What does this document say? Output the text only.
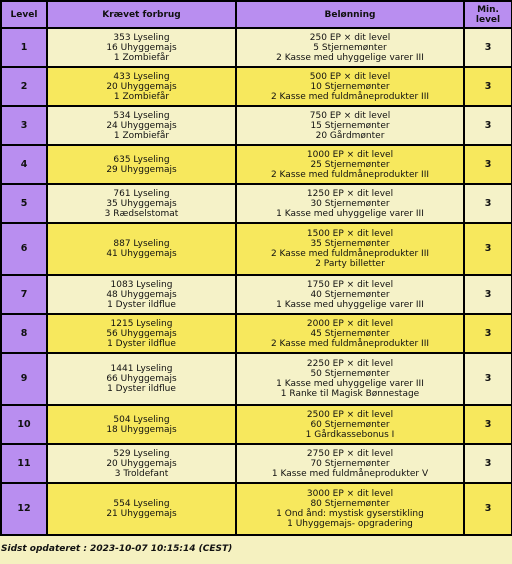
Level	Krævet forbrug	Belønning	Min. level
1	353 Lyseling
16 Uhyggemajs
1 Zombiefår	250 EP × dit level
5 Stjernemønter
2 Kasse med uhyggelige varer III	3
2	433 Lyseling
20 Uhyggemajs
1 Zombiefår	500 EP × dit level
10 Stjernemønter
2 Kasse med fuldmåneprodukter III	3
3	534 Lyseling
24 Uhyggemajs
1 Zombiefår	750 EP × dit level
15 Stjernemønter
20 Gårdmønter	3
4	635 Lyseling
29 Uhyggemajs	1000 EP × dit level
25 Stjernemønter
2 Kasse med fuldmåneprodukter III	3
5	761 Lyseling
35 Uhyggemajs
3 Rædselstomat	1250 EP × dit level
30 Stjernemønter
1 Kasse med uhyggelige varer III	3
6	887 Lyseling
41 Uhyggemajs	1500 EP × dit level
35 Stjernemønter
2 Kasse med fuldmåneprodukter III
2 Party billetter	3
7	1083 Lyseling
48 Uhyggemajs
1 Dyster ildflue	1750 EP × dit level
40 Stjernemønter
1 Kasse med uhyggelige varer III	3
8	1215 Lyseling
56 Uhyggemajs
1 Dyster ildflue	2000 EP × dit level
45 Stjernemønter
2 Kasse med fuldmåneprodukter III	3
9	1441 Lyseling
66 Uhyggemajs
1 Dyster ildflue	2250 EP × dit level
50 Stjernemønter
1 Kasse med uhyggelige varer III
1 Ranke til Magisk Bønnestage	3
10	504 Lyseling
18 Uhyggemajs	2500 EP × dit level
60 Stjernemønter
1 Gårdkassebonus I	3
11	529 Lyseling
20 Uhyggemajs
3 Troldefant	2750 EP × dit level
70 Stjernemønter
1 Kasse med fuldmåneprodukter V	3
12	554 Lyseling
21 Uhyggemajs	3000 EP × dit level
80 Stjernemønter
1 Ond ånd: mystisk gyserstikling
1 Uhyggemajs- opgradering	3
Sidst opdateret : 2023-10-07 10:15:14 (CEST)
